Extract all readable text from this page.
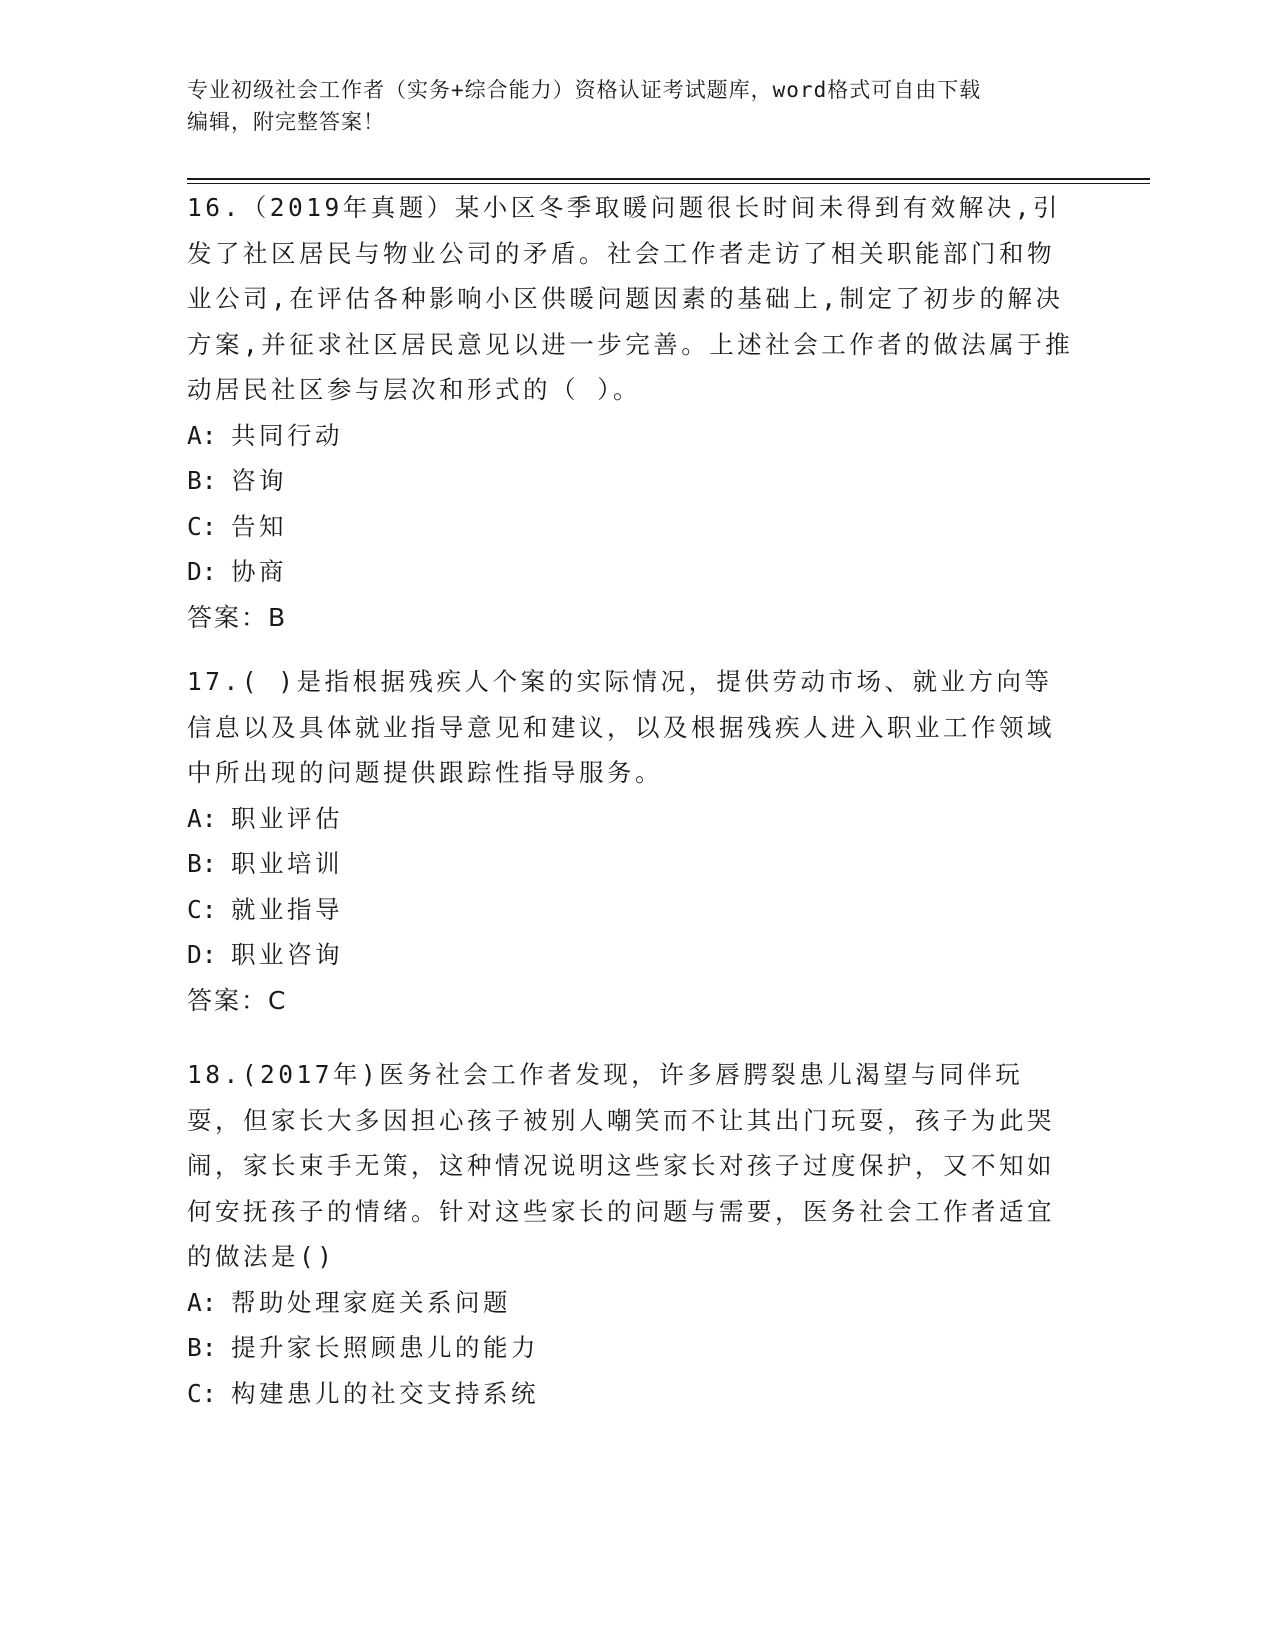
专业初级社会工作者（实务+综合能力）资格认证考试题库，word格式可自由下载
编辑，附完整答案！
16.（2019年真题）某小区冬季取暖问题很长时间未得到有效解决,引发了社区居民与物业公司的矛盾。社会工作者走访了相关职能部门和物业公司,在评估各种影响小区供暖问题因素的基础上,制定了初步的解决方案,并征求社区居民意见以进一步完善。上述社会工作者的做法属于推动居民社区参与层次和形式的（ ）。
A: 共同行动
B: 咨询
C: 告知
D: 协商
答案：B
17.( )是指根据残疾人个案的实际情况，提供劳动市场、就业方向等信息以及具体就业指导意见和建议，以及根据残疾人进入职业工作领域中所出现的问题提供跟踪性指导服务。
A: 职业评估
B: 职业培训
C: 就业指导
D: 职业咨询
答案：C
18.(2017年)医务社会工作者发现，许多唇腭裂患儿渴望与同伴玩耍，但家长大多因担心孩子被别人嘲笑而不让其出门玩耍，孩子为此哭闹，家长束手无策，这种情况说明这些家长对孩子过度保护，又不知如何安抚孩子的情绪。针对这些家长的问题与需要，医务社会工作者适宜的做法是()
A: 帮助处理家庭关系问题
B: 提升家长照顾患儿的能力
C: 构建患儿的社交支持系统
